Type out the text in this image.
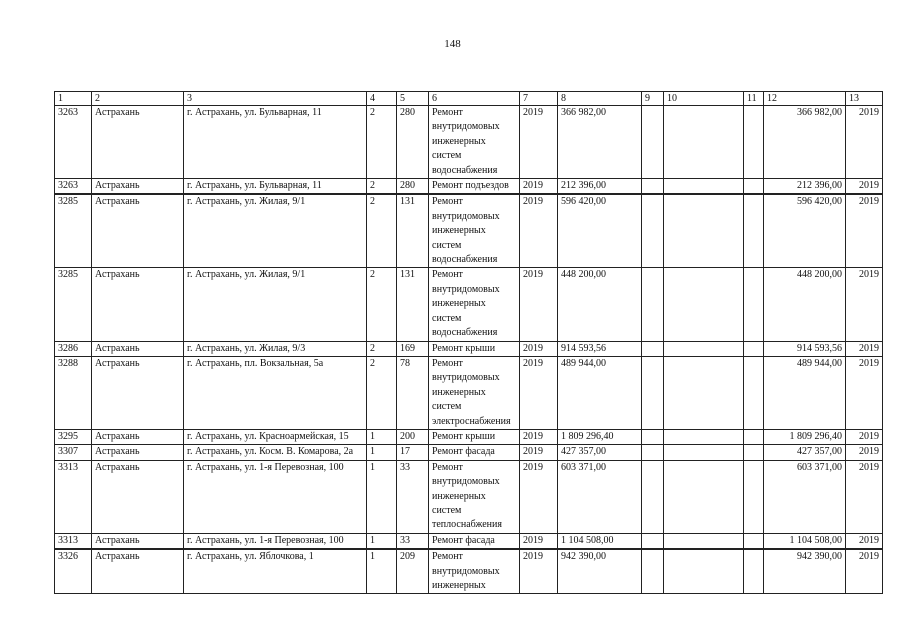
148
1	2	3	4	5	6	7	8	9	10	11	12	13
3263	Астрахань	г. Астрахань, ул. Бульварная, 11	2	280	Ремонт внутридомовых инженерных систем водоснабжения	2019	366 982,00				366 982,00	2019
3263	Астрахань	г. Астрахань, ул. Бульварная, 11	2	280	Ремонт подъездов	2019	212 396,00				212 396,00	2019
3285	Астрахань	г. Астрахань, ул. Жилая, 9/1	2	131	Ремонт внутридомовых инженерных систем водоснабжения	2019	596 420,00				596 420,00	2019
3285	Астрахань	г. Астрахань, ул. Жилая, 9/1	2	131	Ремонт внутридомовых инженерных систем водоснабжения	2019	448 200,00				448 200,00	2019
3286	Астрахань	г. Астрахань, ул. Жилая, 9/3	2	169	Ремонт крыши	2019	914 593,56				914 593,56	2019
3288	Астрахань	г. Астрахань, пл. Вокзальная, 5а	2	78	Ремонт внутридомовых инженерных систем электроснабжения	2019	489 944,00				489 944,00	2019
3295	Астрахань	г. Астрахань, ул. Красноармейская, 15	1	200	Ремонт крыши	2019	1 809 296,40				1 809 296,40	2019
3307	Астрахань	г. Астрахань, ул. Косм. В. Комарова, 2а	1	17	Ремонт фасада	2019	427 357,00				427 357,00	2019
3313	Астрахань	г. Астрахань, ул. 1-я Перевозная, 100	1	33	Ремонт внутридомовых инженерных систем теплоснабжения	2019	603 371,00				603 371,00	2019
3313	Астрахань	г. Астрахань, ул. 1-я Перевозная, 100	1	33	Ремонт фасада	2019	1 104 508,00				1 104 508,00	2019
3326	Астрахань	г. Астрахань, ул. Яблочкова, 1	1	209	Ремонт внутридомовых инженерных	2019	942 390,00				942 390,00	2019
